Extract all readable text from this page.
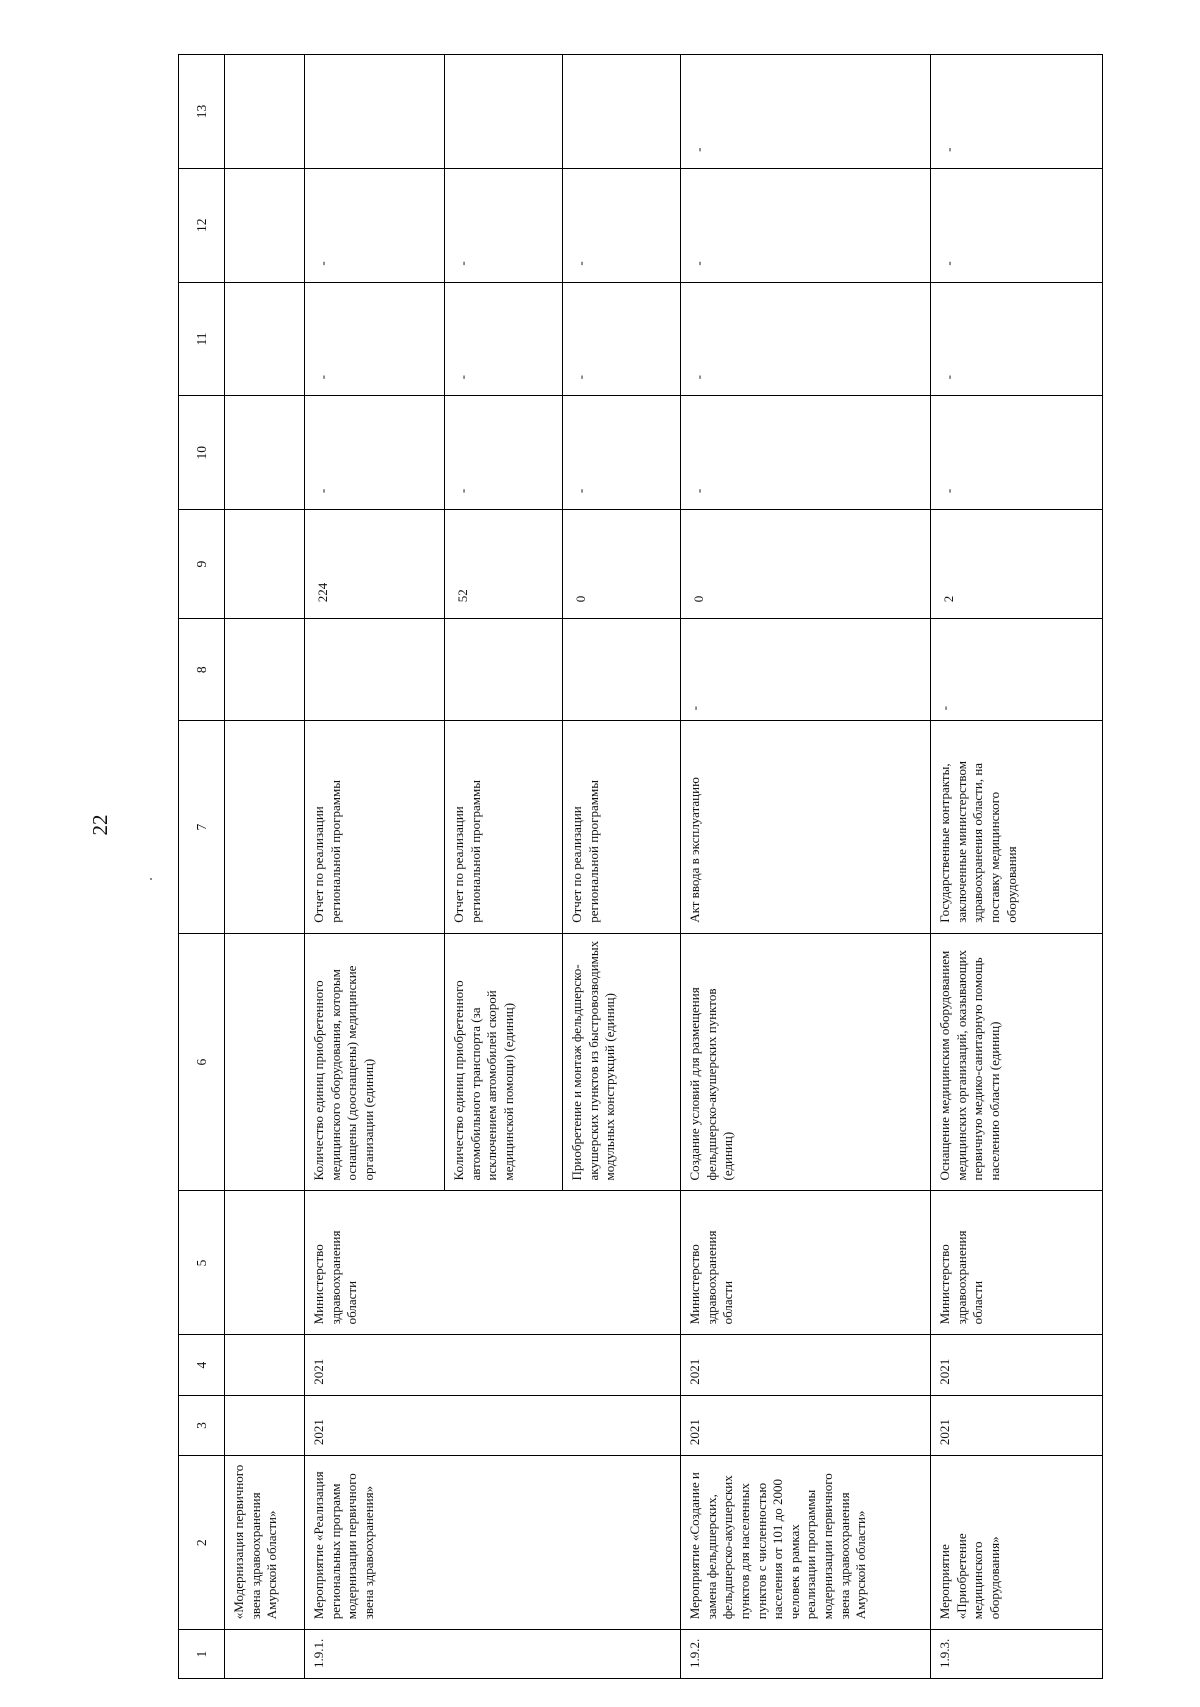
22
1	2	3	4	5	6	7	8	9	10	11	12	13
	«Модернизация первичного звена здравоохранения Амурской области»											
1.9.1.	Мероприятие «Реализация региональных программ модернизации первичного звена здравоохранения»	2021	2021	Министерство здравоохранения области	Количество единиц приобретенного медицинского оборудования, которым оснащены (дооснащены) медицинские организации (единиц)	Отчет по реализации региональной программы		224	-	-	-	
					Количество единиц приобретенного автомобильного транспорта (за исключением автомобилей скорой медицинской помощи) (единиц)	Отчет по реализации региональной программы		52	-	-	-	
					Приобретение и монтаж фельдшерско-акушерских пунктов из быстровозводимых модульных конструкций (единиц)	Отчет по реализации региональной программы		0	-	-	-	
1.9.2.	Мероприятие «Создание и замена фельдшерских, фельдшерско-акушерских пунктов для населенных пунктов с численностью населения от 101 до 2000 человек в рамках реализации программы модернизации первичного звена здравоохранения Амурской области»	2021	2021	Министерство здравоохранения области	Создание условий для размещения фельдшерско-акушерских пунктов (единиц)	Акт ввода в эксплуатацию	-	0	-	-	-	-
1.9.3.	Мероприятие «Приобретение медицинского оборудования»	2021	2021	Министерство здравоохранения области	Оснащение медицинским оборудованием медицинских организаций, оказывающих первичную медико-санитарную помощь населению области (единиц)	Государственные контракты, заключенные министерством здравоохранения области, на поставку медицинского оборудования	-	2	-	-	-	-
